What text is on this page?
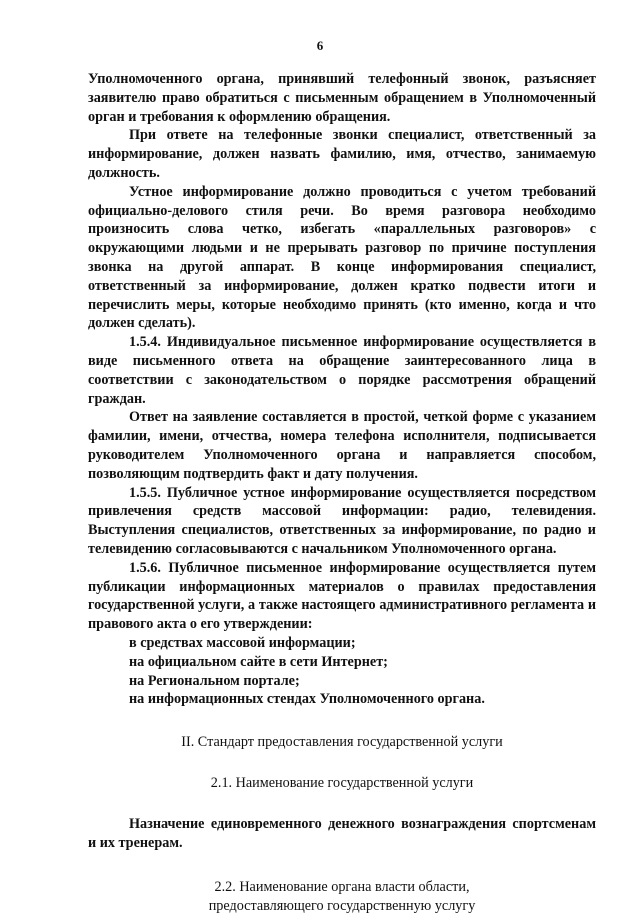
6

Уполномоченного органа, принявший телефонный звонок, разъясняет заявителю право обратиться с письменным обращением в Уполномоченный орган и требования к оформлению обращения.

При ответе на телефонные звонки специалист, ответственный за информирование, должен назвать фамилию, имя, отчество, занимаемую должность.

Устное информирование должно проводиться с учетом требований официально-делового стиля речи. Во время разговора необходимо произносить слова четко, избегать «параллельных разговоров» с окружающими людьми и не прерывать разговор по причине поступления звонка на другой аппарат. В конце информирования специалист, ответственный за информирование, должен кратко подвести итоги и перечислить меры, которые необходимо принять (кто именно, когда и что должен сделать).

1.5.4. Индивидуальное письменное информирование осуществляется в виде письменного ответа на обращение заинтересованного лица в соответствии с законодательством о порядке рассмотрения обращений граждан.

Ответ на заявление составляется в простой, четкой форме с указанием фамилии, имени, отчества, номера телефона исполнителя, подписывается руководителем Уполномоченного органа и направляется способом, позволяющим подтвердить факт и дату получения.

1.5.5. Публичное устное информирование осуществляется посредством привлечения средств массовой информации: радио, телевидения. Выступления специалистов, ответственных за информирование, по радио и телевидению согласовываются с начальником Уполномоченного органа.

1.5.6. Публичное письменное информирование осуществляется путем публикации информационных материалов о правилах предоставления государственной услуги, а также настоящего административного регламента и правового акта о его утверждении:

в средствах массовой информации;

на официальном сайте в сети Интернет;

на Региональном портале;

на информационных стендах Уполномоченного органа.

II. Стандарт предоставления государственной услуги

2.1. Наименование государственной услуги

Назначение единовременного денежного вознаграждения спортсменам и их тренерам.

2.2. Наименование органа власти области,

предоставляющего государственную услугу
